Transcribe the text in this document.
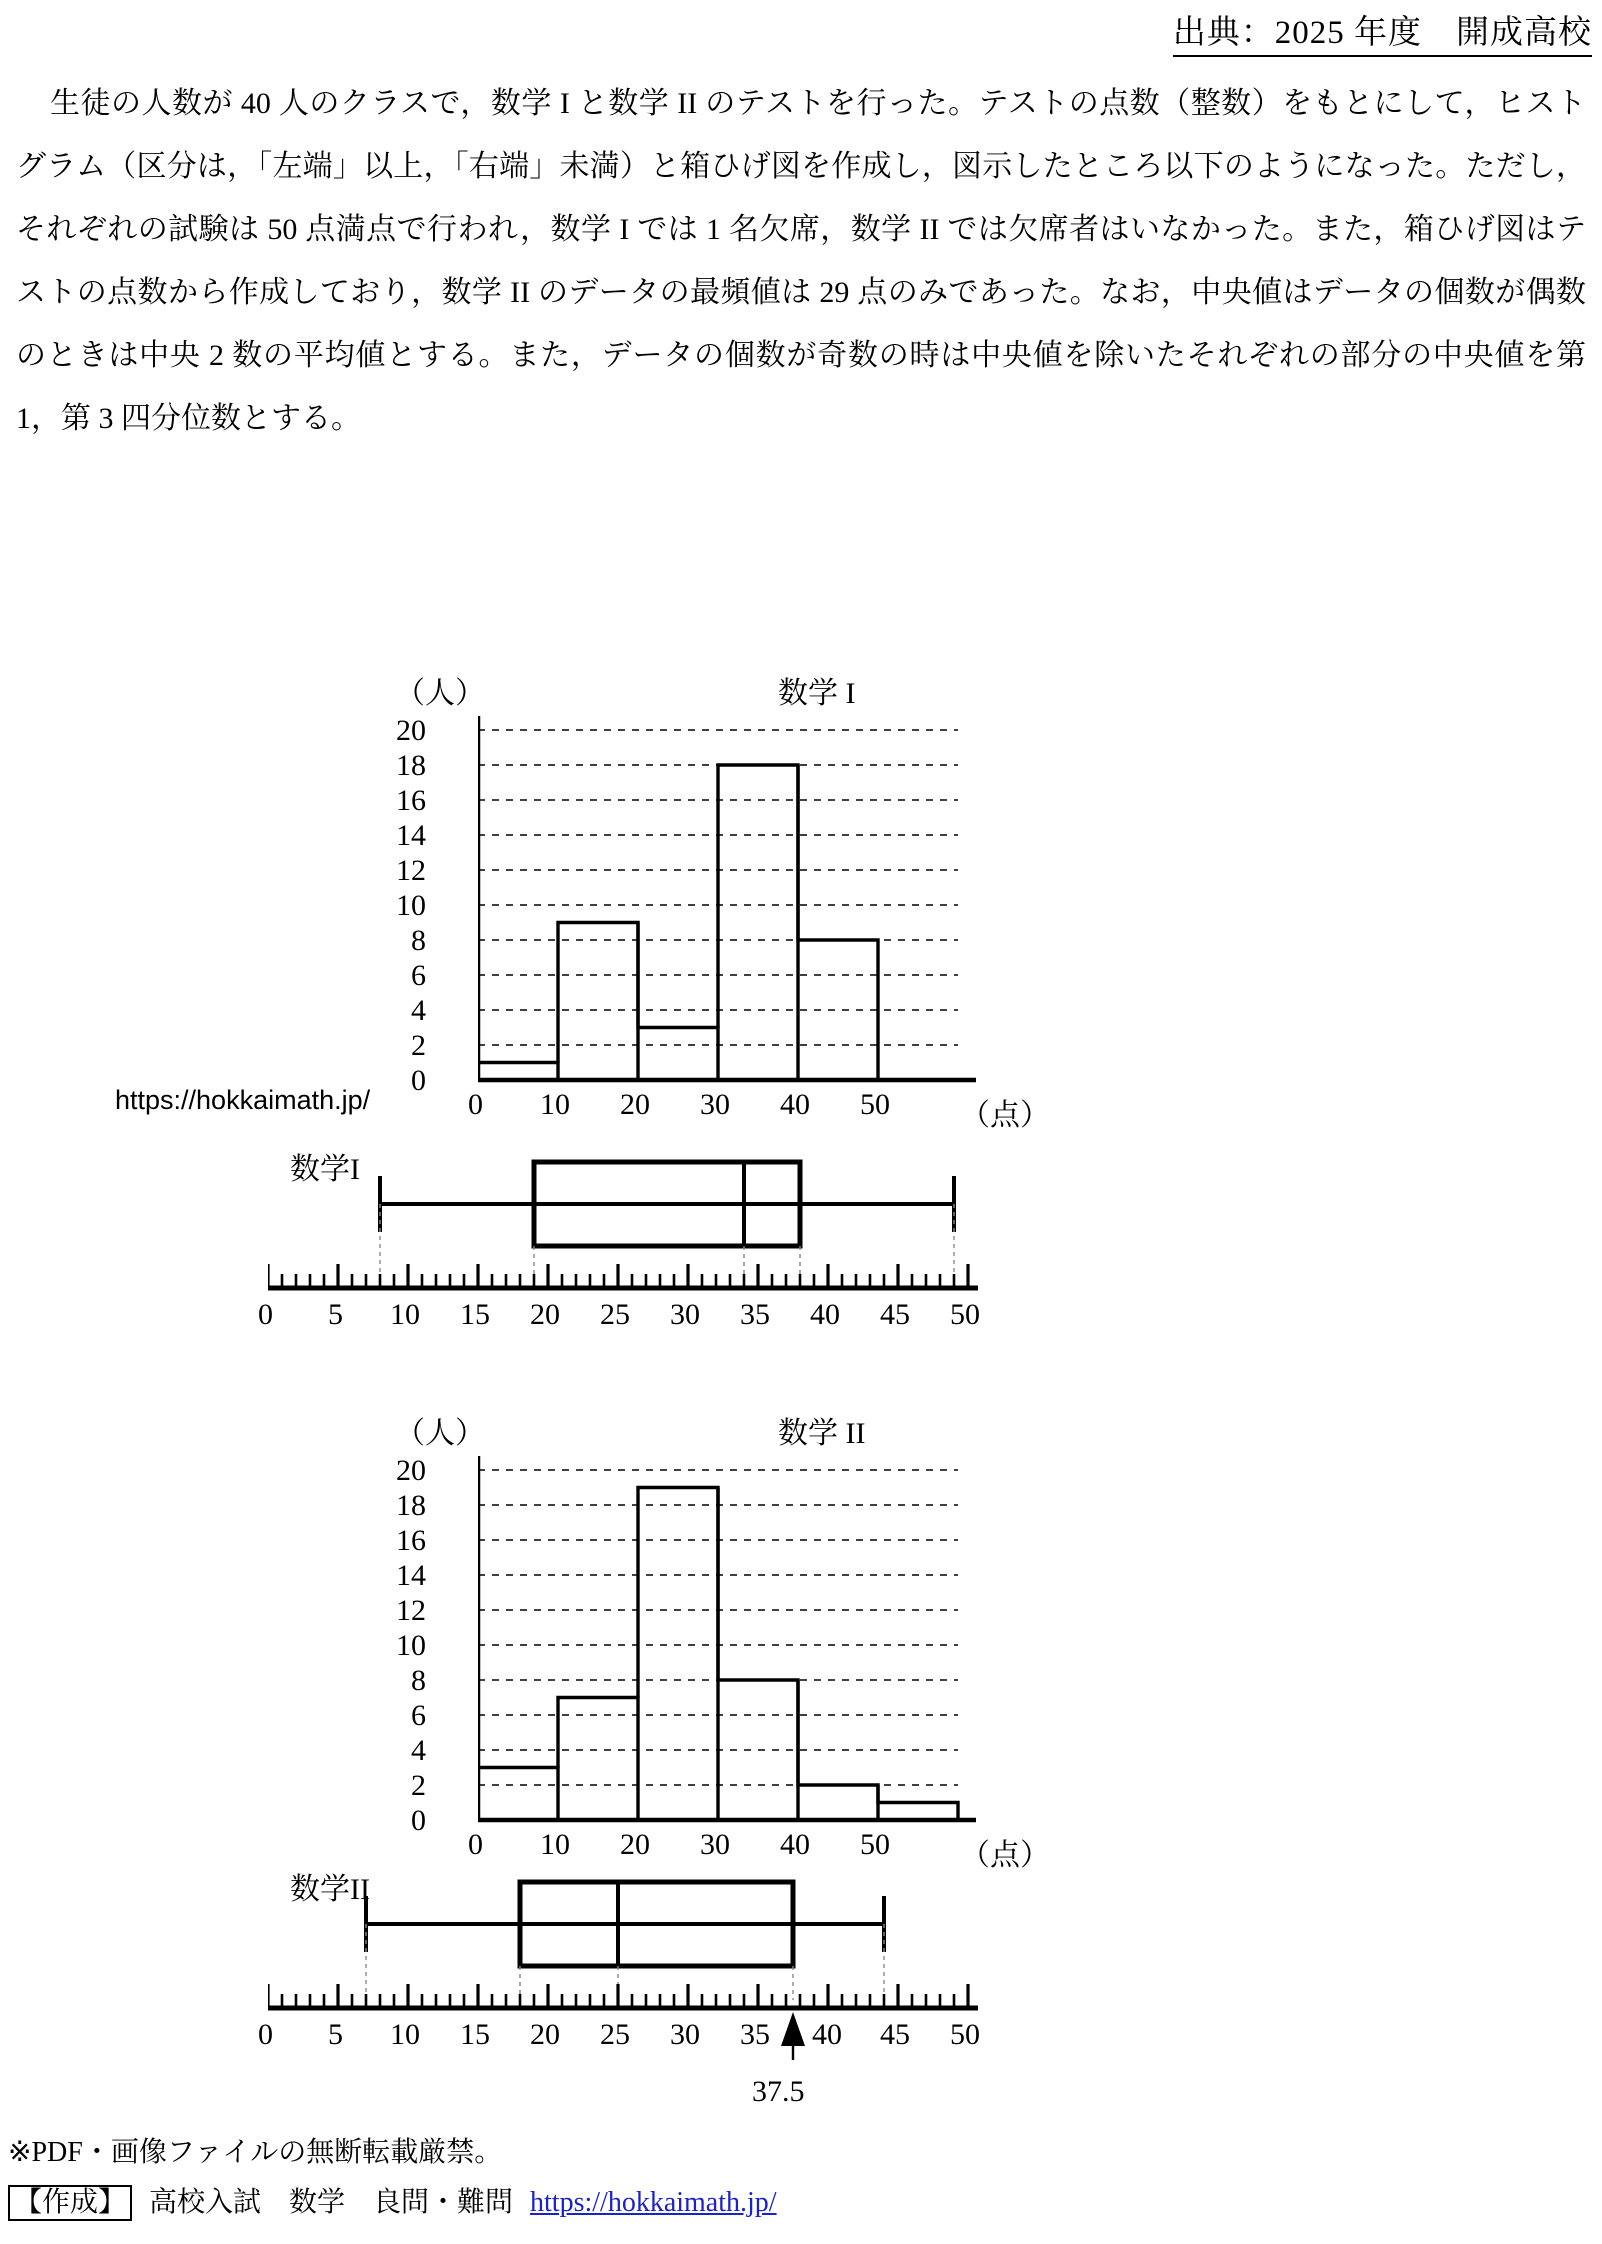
出典：2025 年度　開成高校
生徒の人数が 40 人のクラスで，数学 I と数学 II のテストを行った。テストの点数（整数）をもとにして，ヒストグラム（区分は，「左端」以上，「右端」未満）と箱ひげ図を作成し，図示したところ以下のようになった。ただし，それぞれの試験は 50 点満点で行われ，数学 I では 1 名欠席，数学 II では欠席者はいなかった。また，箱ひげ図はテストの点数から作成しており，数学 II のデータの最頻値は 29 点のみであった。なお，中央値はデータの個数が偶数のときは中央 2 数の平均値とする。また，データの個数が奇数の時は中央値を除いたそれぞれの部分の中央値を第 1，第 3 四分位数とする。
（人）	数学 I
20
18
16
14
12
10
8
6
4
2
0
0 10 20 30 40 50 （点）
https://hokkaimath.jp/
数学I
0 5 10 15 20 25 30 35 40 45 50
（人）	数学 II
20
18
16
14
12
10
8
6
4
2
0
0 10 20 30 40 50 （点）
数学II
0 5 10 15 20 25 30 35 40 45 50
37.5
※PDF・画像ファイルの無断転載厳禁。
【作成】 高校入試　数学　良問・難問 https://hokkaimath.jp/
